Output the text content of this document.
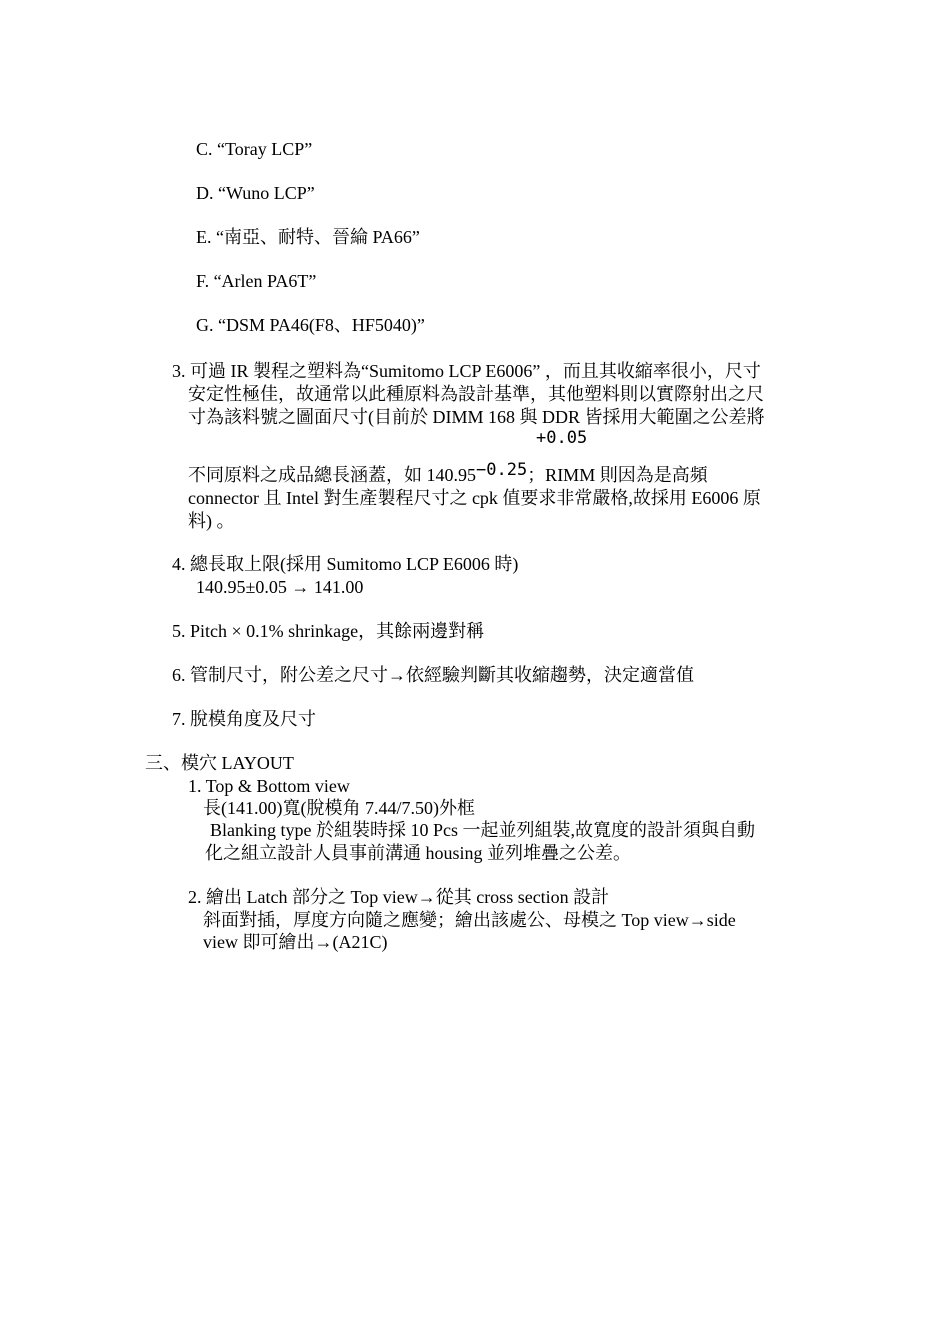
C. “Toray LCP”

D. “Wuno LCP”

E. “南亞、耐特、晉綸 PA66”

F. “Arlen PA6T”

G. “DSM PA46(F8、HF5040)”

3. 可過 IR 製程之塑料為“Sumitomo LCP E6006” ，而且其收縮率很小，尺寸

安定性極佳，故通常以此種原料為設計基準，其他塑料則以實際射出之尺

寸為該料號之圖面尺寸(目前於 DIMM 168 與 DDR 皆採用大範圍之公差將

+0.05

不同原料之成品總長涵蓋，如 140.95−0.25；RIMM 則因為是高頻

connector 且 Intel 對生產製程尺寸之 cpk 值要求非常嚴格,故採用 E6006 原

料) 。

4. 總長取上限(採用 Sumitomo LCP E6006 時)

140.95±0.05 → 141.00

5. Pitch × 0.1% shrinkage，其餘兩邊對稱

6. 管制尺寸，附公差之尺寸→依經驗判斷其收縮趨勢，決定適當值

7. 脫模角度及尺寸

三、模穴 LAYOUT

1. Top & Bottom view

長(141.00)寬(脫模角 7.44/7.50)外框

Blanking type 於組裝時採 10 Pcs 一起並列組裝,故寬度的設計須與自動

化之組立設計人員事前溝通 housing 並列堆疊之公差。

2. 繪出 Latch 部分之 Top view→從其 cross section 設計

斜面對插，厚度方向隨之應變；繪出該處公、母模之 Top view→side

view 即可繪出→(A21C)
